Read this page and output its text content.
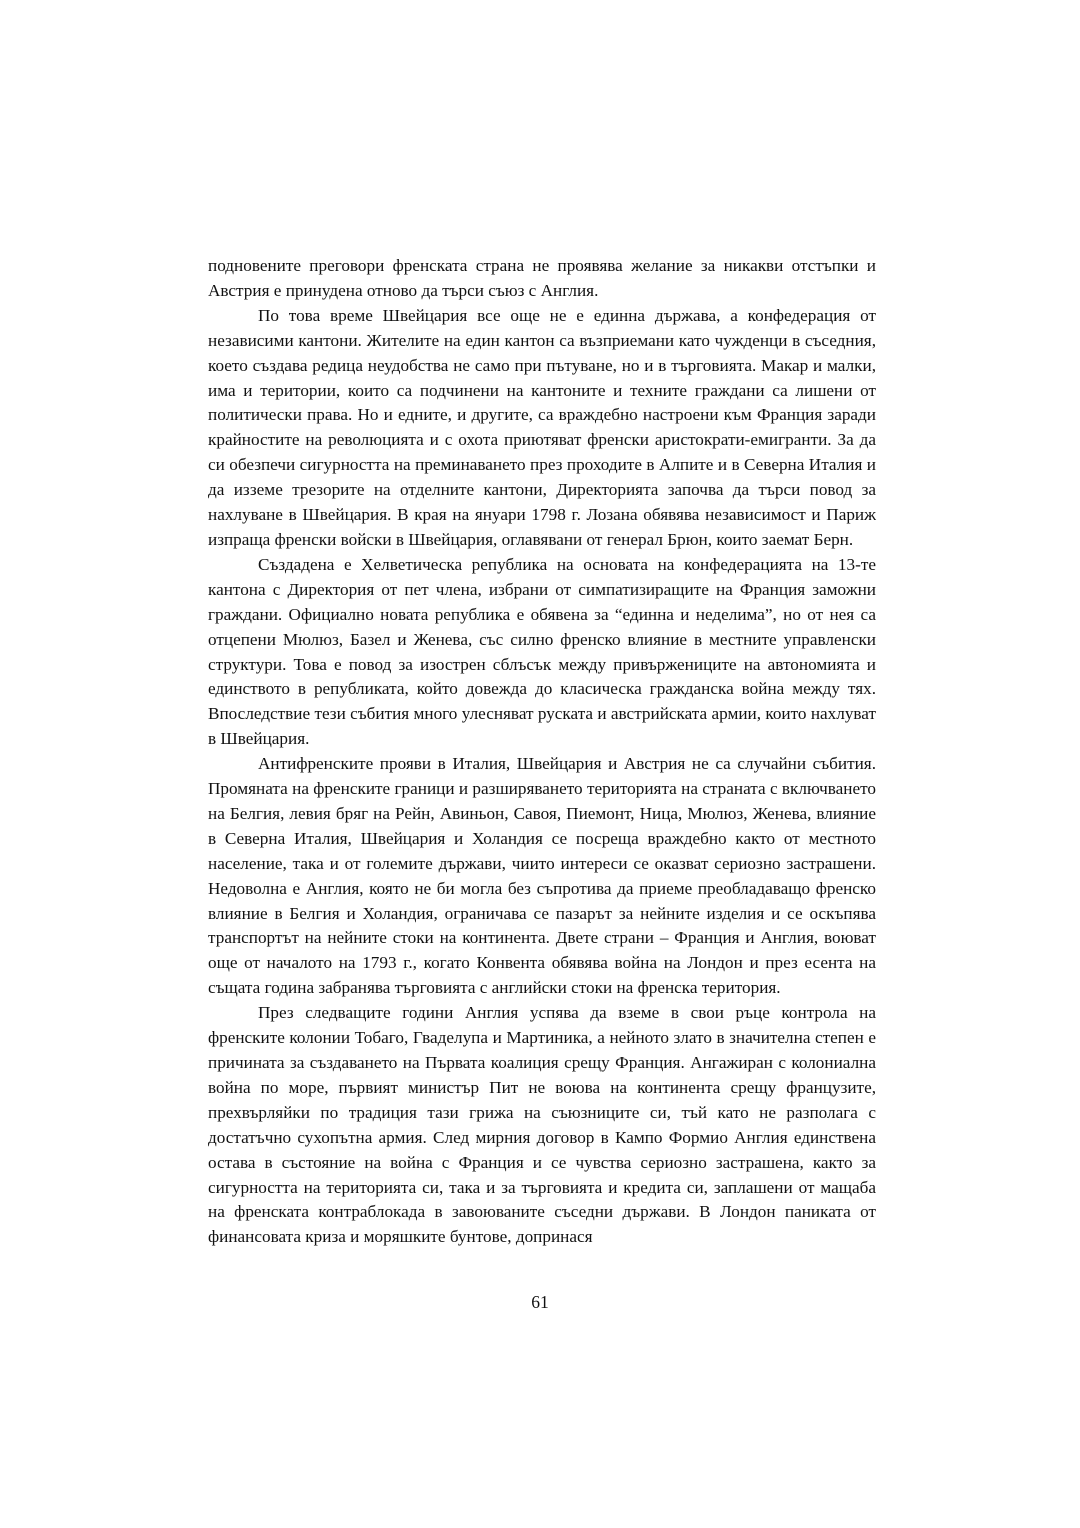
подновените преговори френската страна не проявява желание за никакви отстъпки и Австрия е принудена отново да търси съюз с Англия.

По това време Швейцария все още не е единна държава, а конфедерация от независими кантони. Жителите на един кантон са възприемани като чужденци в съседния, което създава редица неудобства не само при пътуване, но и в търговията. Макар и малки, има и територии, които са подчинени на кантоните и техните граждани са лишени от политически права. Но и едните, и другите, са враждебно настроени към Франция заради крайностите на революцията и с охота приютяват френски аристократи-емигранти. За да си обезпечи сигурността на преминаването през проходите в Алпите и в Северна Италия и да изземе трезорите на отделните кантони, Директорията започва да търси повод за нахлуване в Швейцария. В края на януари 1798 г. Лозана обявява независимост и Париж изпраща френски войски в Швейцария, оглавявани от генерал Брюн, които заемат Берн.

Създадена е Хелветическа република на основата на конфедерацията на 13-те кантона с Директория от пет члена, избрани от симпатизиращите на Франция заможни граждани. Официално новата република е обявена за “единна и неделима”, но от нея са отцепени Мюлюз, Базел и Женева, със силно френско влияние в местните управленски структури. Това е повод за изострен сблъсък между привържениците на автономията и единството в републиката, който довежда до класическа гражданска война между тях. Впоследствие тези събития много улесняват руската и австрийската армии, които нахлуват в Швейцария.

Антифренските прояви в Италия, Швейцария и Австрия не са случайни събития. Промяната на френските граници и разширяването територията на страната с включването на Белгия, левия бряг на Рейн, Авиньон, Савоя, Пиемонт, Ница, Мюлюз, Женева, влияние в Северна Италия, Швейцария и Холандия се посреща враждебно както от местното население, така и от големите държави, чиито интереси се оказват сериозно застрашени. Недоволна е Англия, която не би могла без съпротива да приеме преобладаващо френско влияние в Белгия и Холандия, ограничава се пазарът за нейните изделия и се оскъпява транспортът на нейните стоки на континента. Двете страни – Франция и Англия, воюват още от началото на 1793 г., когато Конвента обявява война на Лондон и през есента на същата година забранява търговията с английски стоки на френска територия.

През следващите години Англия успява да вземе в свои ръце контрола на френските колонии Тобаго, Гваделупа и Мартиника, а нейното злато в значителна степен е причината за създаването на Първата коалиция срещу Франция. Ангажиран с колониална война по море, първият министър Пит не воюва на континента срещу французите, прехвърляйки по традиция тази грижа на съюзниците си, тъй като не разполага с достатъчно сухопътна армия. След мирния договор в Кампо Формио Англия единствена остава в състояние на война с Франция и се чувства сериозно застрашена, както за сигурността на територията си, така и за търговията и кредита си, заплашени от мащаба на френската контраблокада в завоюваните съседни държави. В Лондон паниката от финансовата криза и моряшките бунтове, допринася

61
